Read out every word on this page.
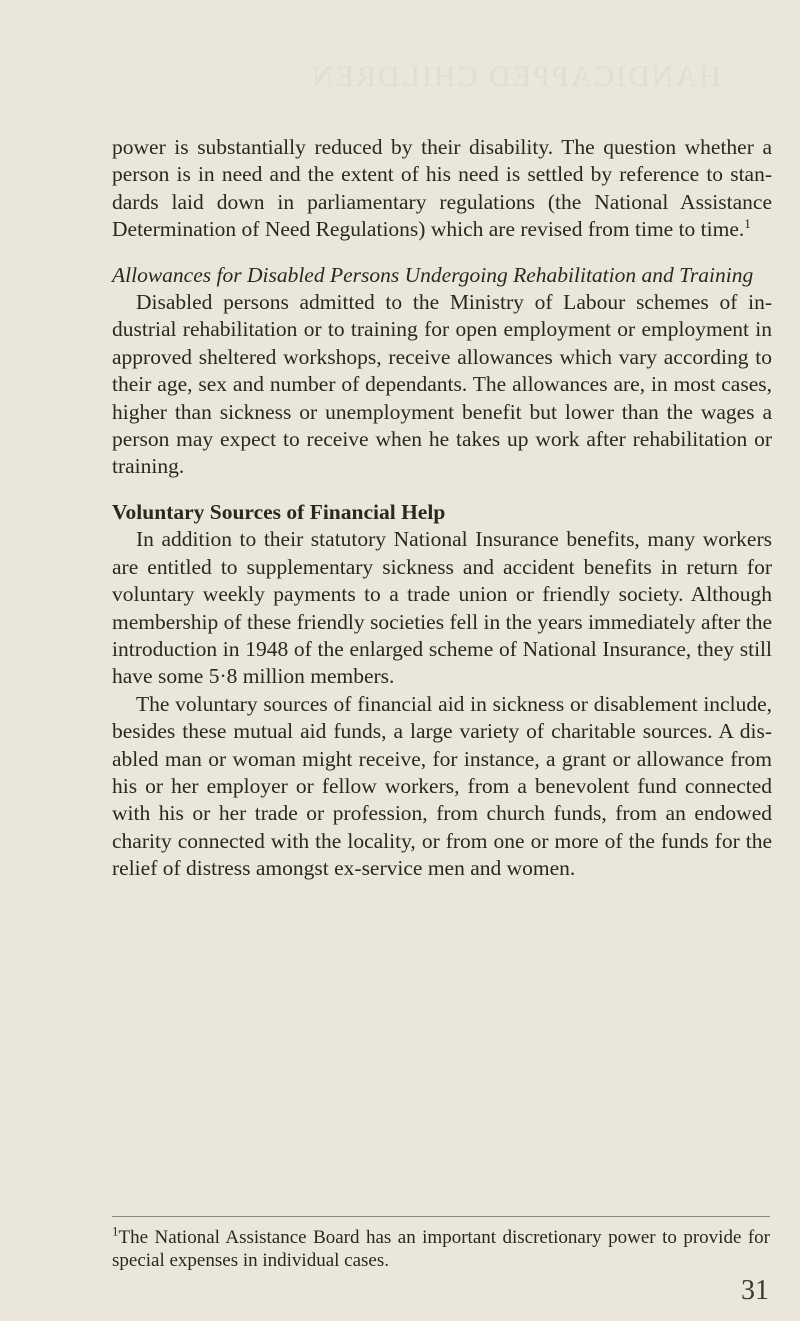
HANDICAPPED CHILDREN

power is substantially reduced by their disability. The question whether a person is in need and the extent of his need is settled by reference to stan- dards laid down in parliamentary regulations (the National Assistance Determination of Need Regulations) which are revised from time to time.$^1$

Allowances for Disabled Persons Undergoing Rehabilitation and Training

Disabled persons admitted to the Ministry of Labour schemes of in- dustrial rehabilitation or to training for open employment or employment in approved sheltered workshops, receive allowances which vary according to their age, sex and number of dependants. The allowances are, in most cases, higher than sickness or unemployment benefit but lower than the wages a person may expect to receive when he takes up work after rehabilitation or training.

Voluntary Sources of Financial Help

In addition to their statutory National Insurance benefits, many workers are entitled to supplementary sickness and accident benefits in return for voluntary weekly payments to a trade union or friendly society. Although membership of these friendly societies fell in the years immediately after the introduction in 1948 of the enlarged scheme of National Insurance, they still have some 5·8 million members.

The voluntary sources of financial aid in sickness or disablement include, besides these mutual aid funds, a large variety of charitable sources. A dis- abled man or woman might receive, for instance, a grant or allowance from his or her employer or fellow workers, from a benevolent fund connected with his or her trade or profession, from church funds, from an endowed charity connected with the locality, or from one or more of the funds for the relief of distress amongst ex-service men and women.

$^1$The National Assistance Board has an important discretionary power to provide for special expenses in individual cases.
31
